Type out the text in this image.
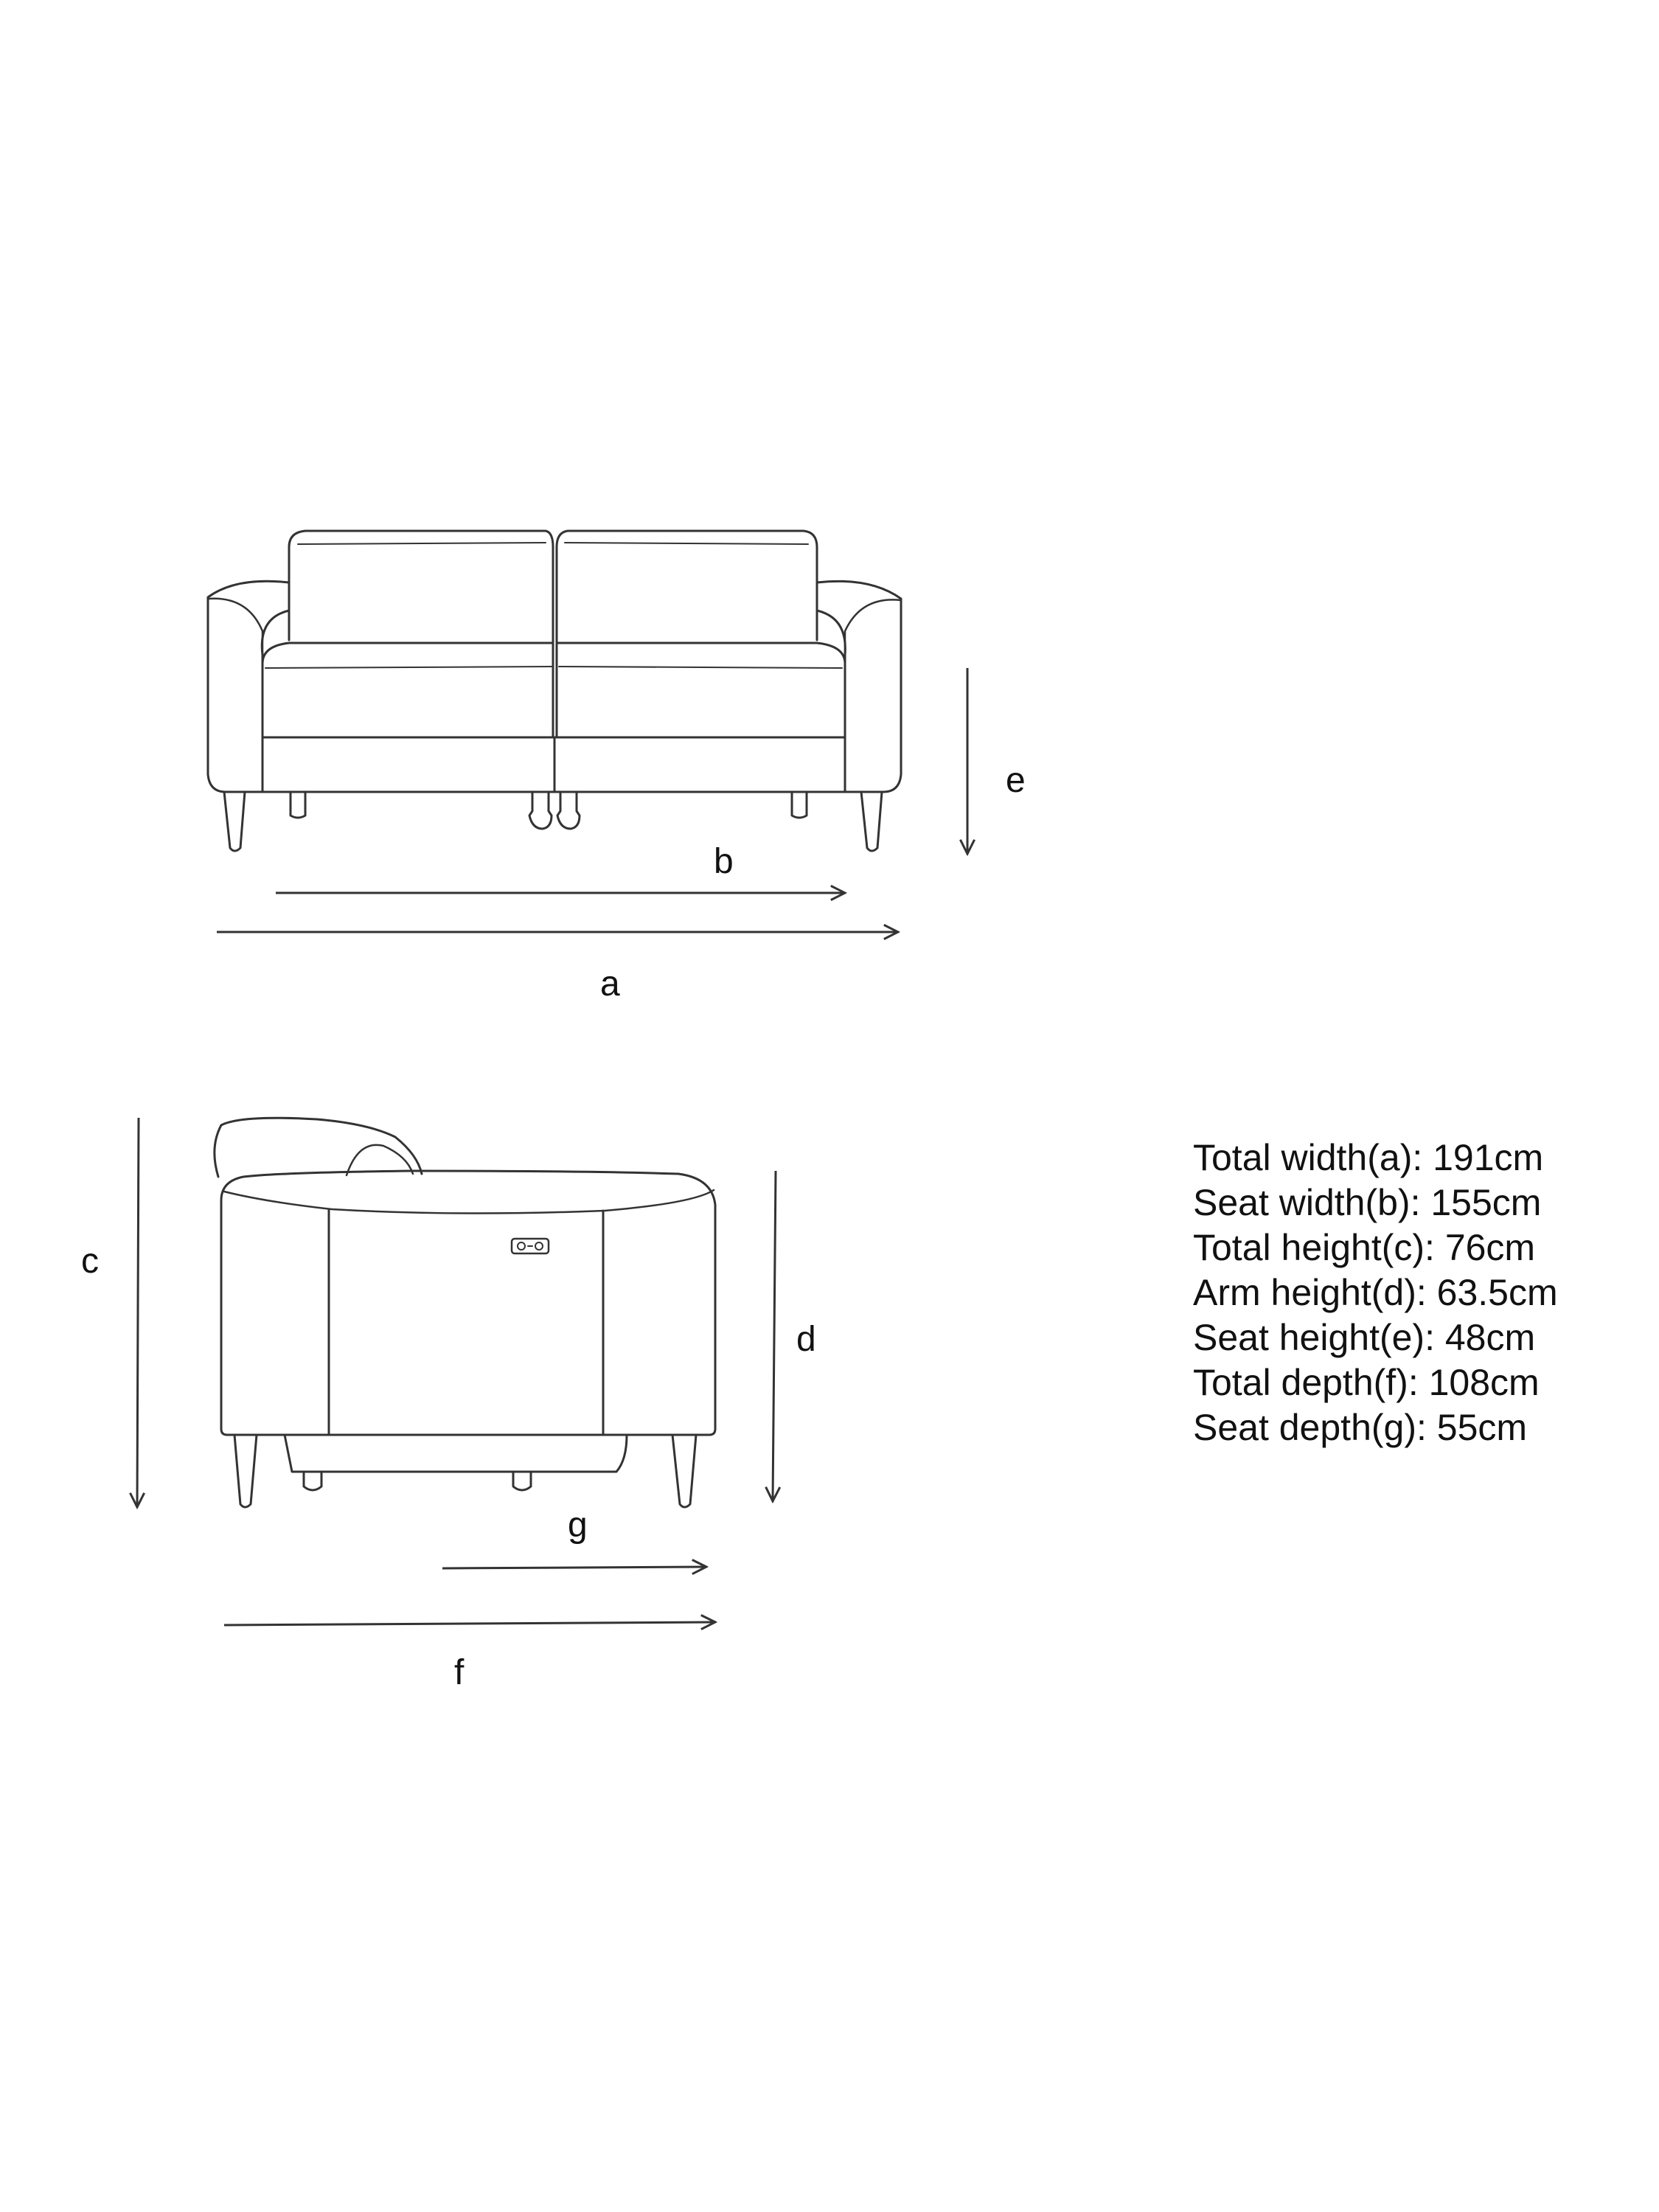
b
a
e
c
d
g
f
Total width(a): 191cm
Seat width(b): 155cm
Total height(c): 76cm
Arm height(d): 63.5cm
Seat height(e): 48cm
Total depth(f): 108cm
Seat depth(g): 55cm
